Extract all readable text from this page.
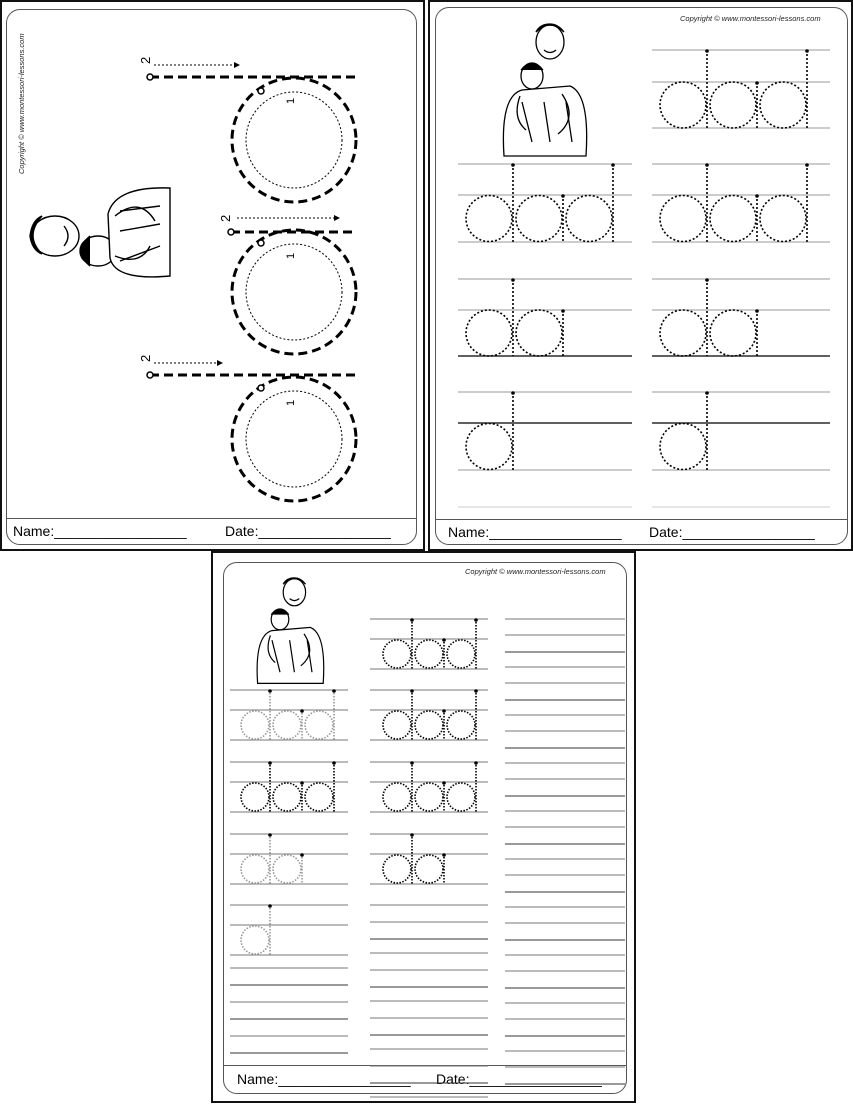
Name:_________________	Date:_________________
Copyright © www.montessori-lessons.com	2
1
2
1
2
1
Name:_________________ Date:_________________
Copyright © www.montessori-lessons.com
Name:_________________ Date:_________________
Copyright © www.montessori-lessons.com
